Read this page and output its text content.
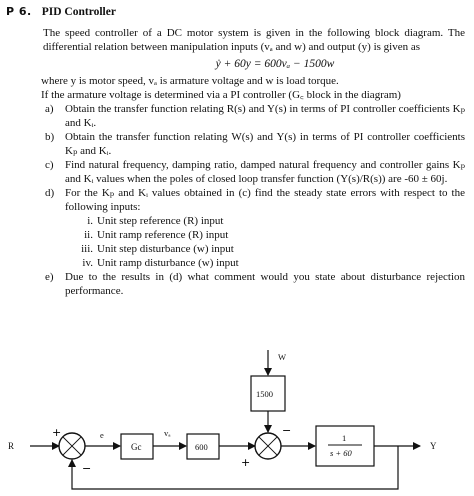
P 6. PID Controller

The speed controller of a DC motor system is given in the following block diagram. The differential relation between manipulation inputs (vₐ and w) and output (y) is given as

ẏ + 60y = 600vₐ − 1500w

where y is motor speed, vₐ is armature voltage and w is load torque.

If the armature voltage is determined via a PI controller (G꜀ block in the diagram)

a) Obtain the transfer function relating R(s) and Y(s) in terms of PI controller coefficients Kₚ and Kᵢ.
b) Obtain the transfer function relating W(s) and Y(s) in terms of PI controller coefficients Kₚ and Kᵢ.
c) Find natural frequency, damping ratio, damped natural frequency and controller gains Kₚ and Kᵢ values when the poles of closed loop transfer function (Y(s)/R(s)) are -60 ± 60j.
d) For the Kₚ and Kᵢ values obtained in (c) find the steady state errors with respect to the following inputs:
i. Unit step reference (R) input
ii. Unit ramp reference (R) input
iii. Unit step disturbance (w) input
iv. Unit ramp disturbance (w) input
e) Due to the results in (d) what comment would you state about disturbance rejection performance.
R
+
−
e
Gc
vₐ
600
W
1500
−
+
1
s + 60
Y
